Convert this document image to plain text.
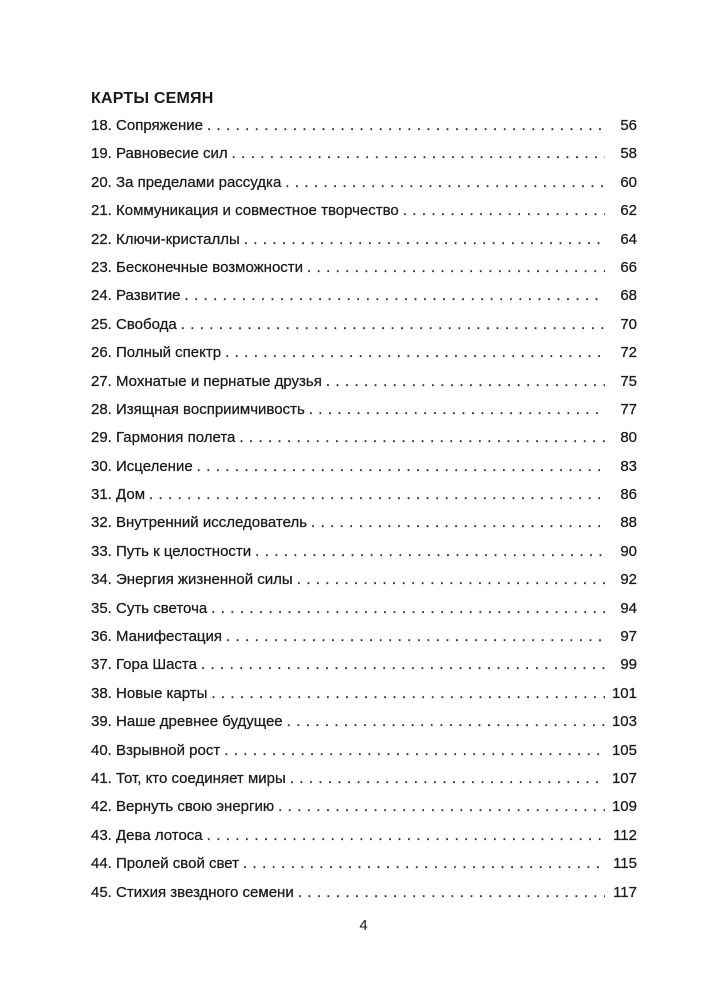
КАРТЫ СЕМЯН
18. Сопряжение . . .	56
19. Равновесие сил . . .	58
20. За пределами рассудка . . .	60
21. Коммуникация и совместное творчество . . .	62
22. Ключи-кристаллы . . .	64
23. Бесконечные возможности . . .	66
24. Развитие . . .	68
25. Свобода . . .	70
26. Полный спектр . . .	72
27. Мохнатые и пернатые друзья . . .	75
28. Изящная восприимчивость . . .	77
29. Гармония полета . . .	80
30. Исцеление . . .	83
31. Дом . . .	86
32. Внутренний исследователь . . .	88
33. Путь к целостности . . .	90
34. Энергия жизненной силы . . .	92
35. Суть светоча . . .	94
36. Манифестация . . .	97
37. Гора Шаста . . .	99
38. Новые карты . . .	101
39. Наше древнее будущее . . .	103
40. Взрывной рост . . .	105
41. Тот, кто соединяет миры . . .	107
42. Вернуть свою энергию . . .	109
43. Дева лотоса . . .	112
44. Пролей свой свет . . .	115
45. Стихия звездного семени . . .	117
4
